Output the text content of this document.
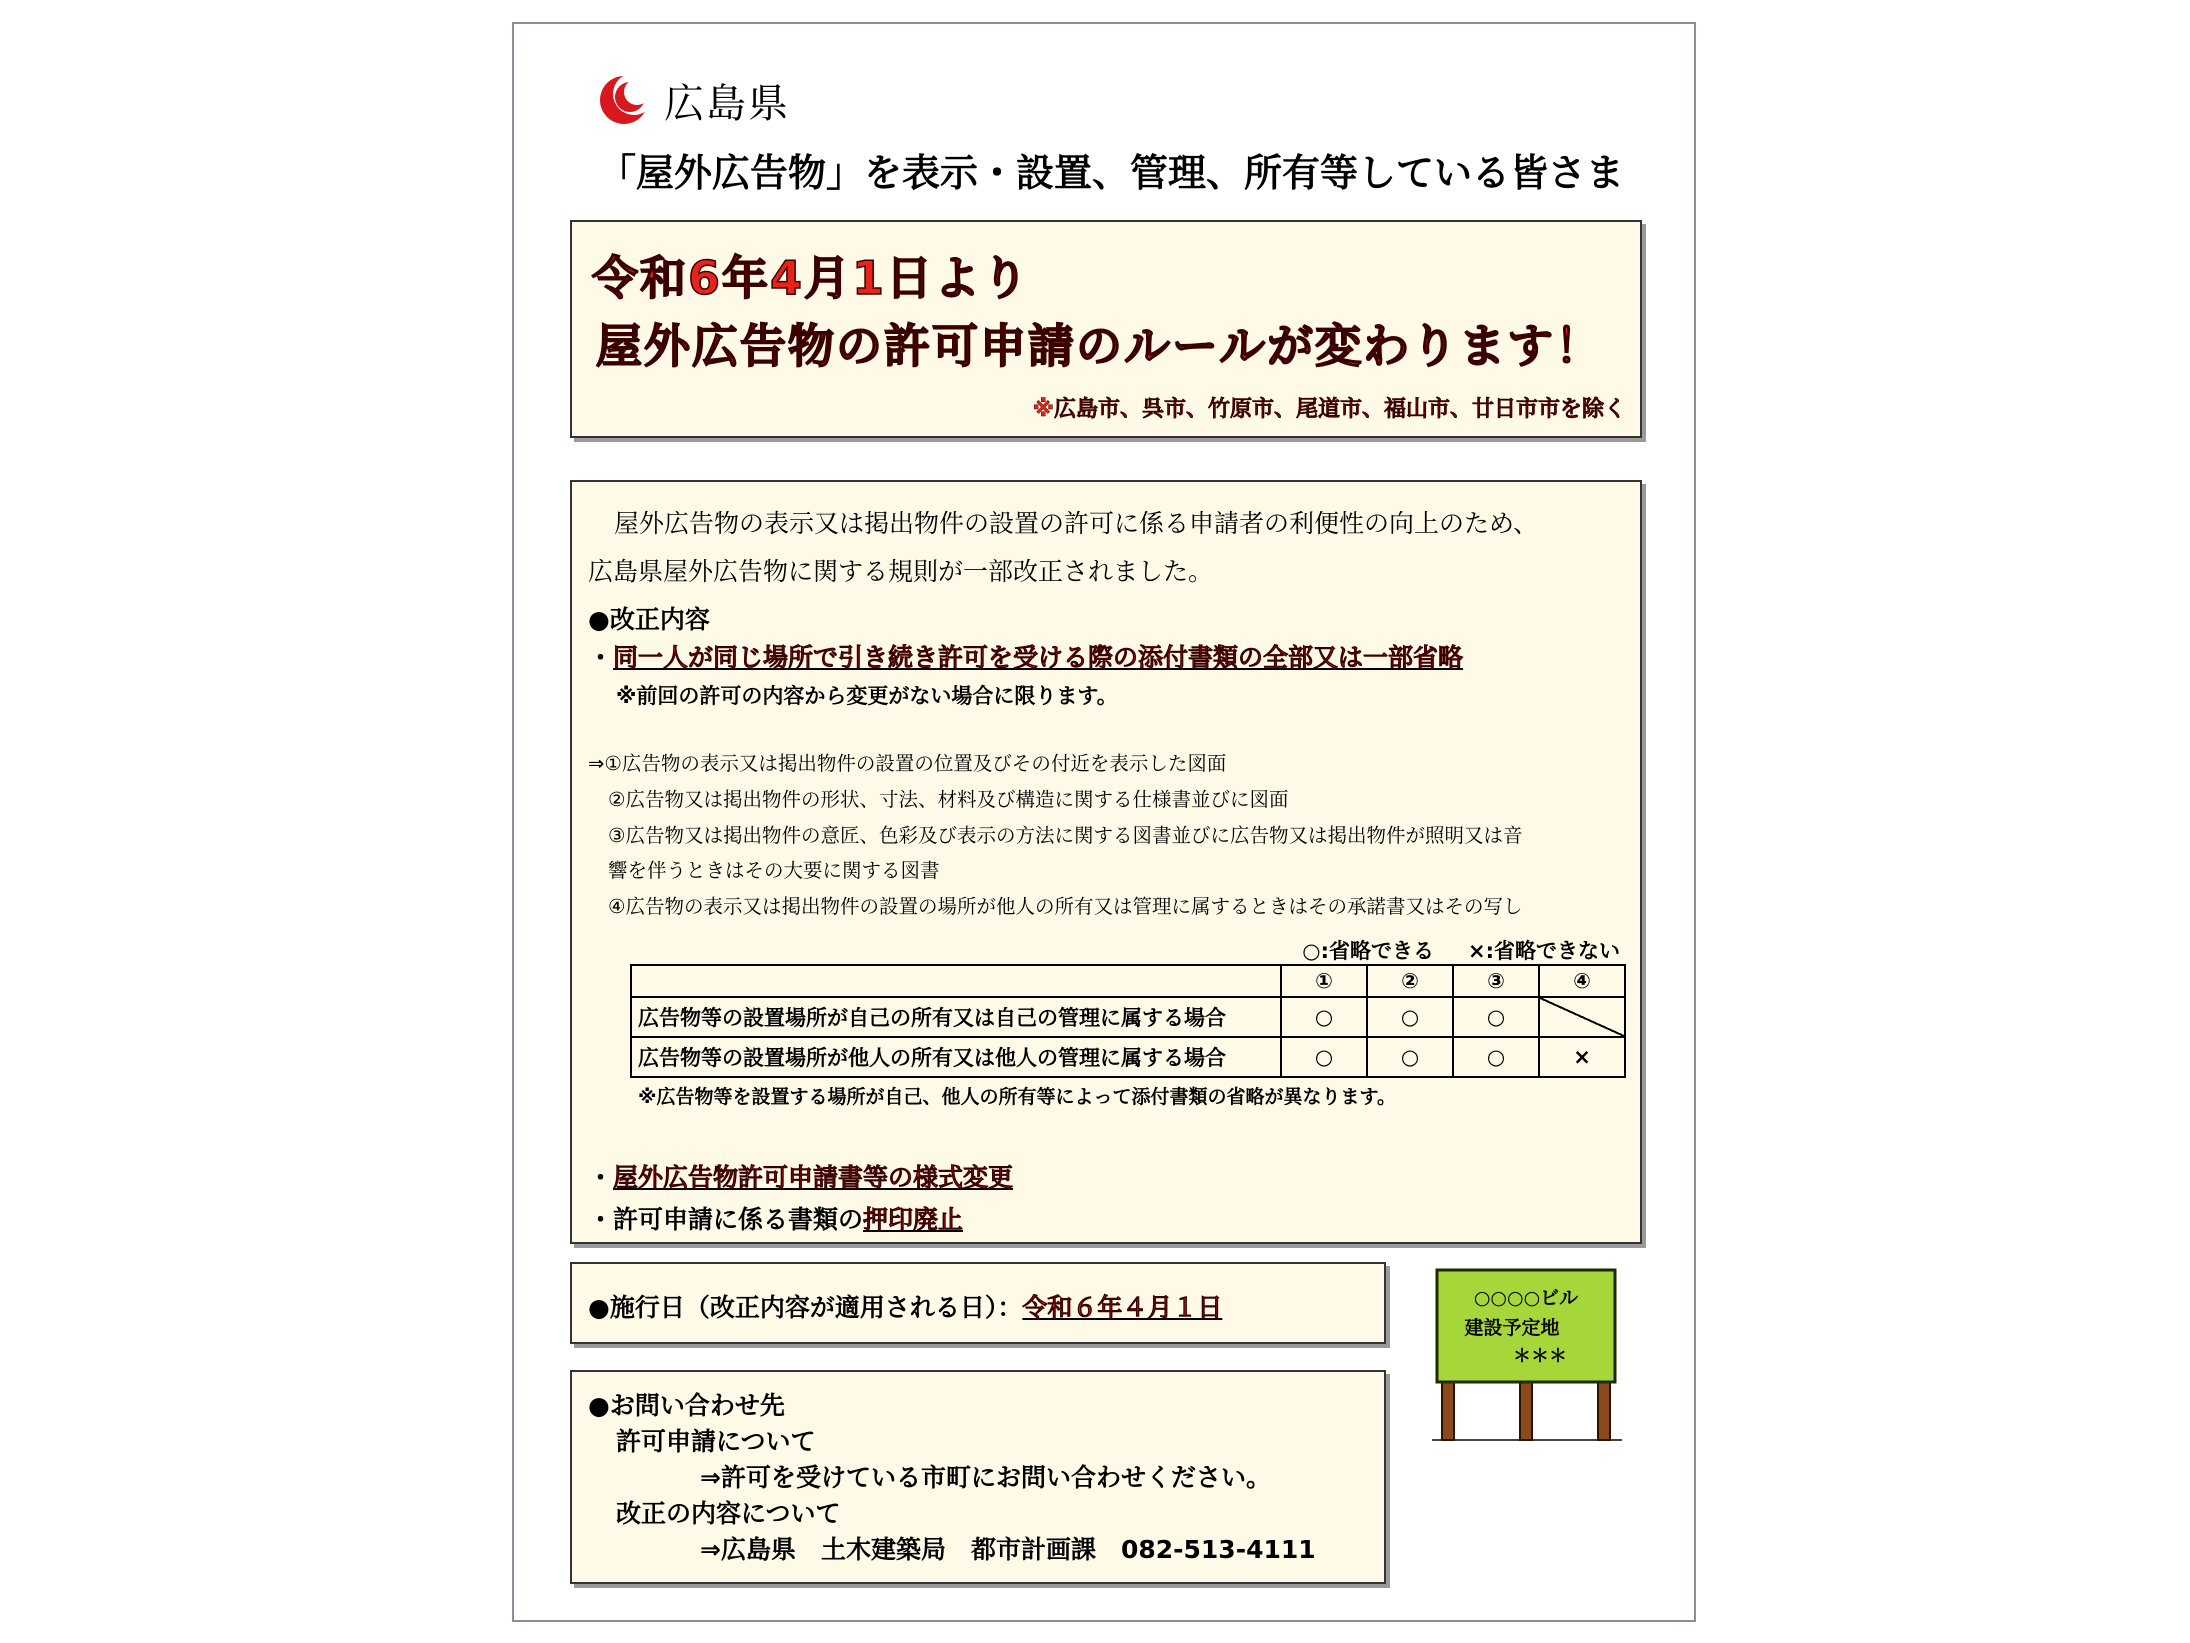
広島県
「屋外広告物」を表示・設置、管理、所有等している皆さま
令和6年4月1日より
屋外広告物の許可申請のルールが変わります！
※広島市、呉市、竹原市、尾道市、福山市、廿日市市を除く
屋外広告物の表示又は掲出物件の設置の許可に係る申請者の利便性の向上のため、
広島県屋外広告物に関する規則が一部改正されました。
●改正内容
・同一人が同じ場所で引き続き許可を受ける際の添付書類の全部又は一部省略
※前回の許可の内容から変更がない場合に限ります。
⇒①広告物の表示又は掲出物件の設置の位置及びその付近を表示した図面
②広告物又は掲出物件の形状、寸法、材料及び構造に関する仕様書並びに図面
③広告物又は掲出物件の意匠、色彩及び表示の方法に関する図書並びに広告物又は掲出物件が照明又は音
響を伴うときはその大要に関する図書
④広告物の表示又は掲出物件の設置の場所が他人の所有又は管理に属するときはその承諾書又はその写し
○:省略できる ×:省略できない
	①	②	③	④
広告物等の設置場所が自己の所有又は自己の管理に属する場合	○	○	○	
広告物等の設置場所が他人の所有又は他人の管理に属する場合	○	○	○	×
※広告物等を設置する場所が自己、他人の所有等によって添付書類の省略が異なります。
・屋外広告物許可申請書等の様式変更
・許可申請に係る書類の押印廃止
●施行日（改正内容が適用される日）：令和６年４月１日
●お問い合わせ先
許可申請について
⇒許可を受けている市町にお問い合わせください。
改正の内容について
⇒広島県　土木建築局　都市計画課　082-513-4111
○○○○ビル
建設予定地
＊＊＊
